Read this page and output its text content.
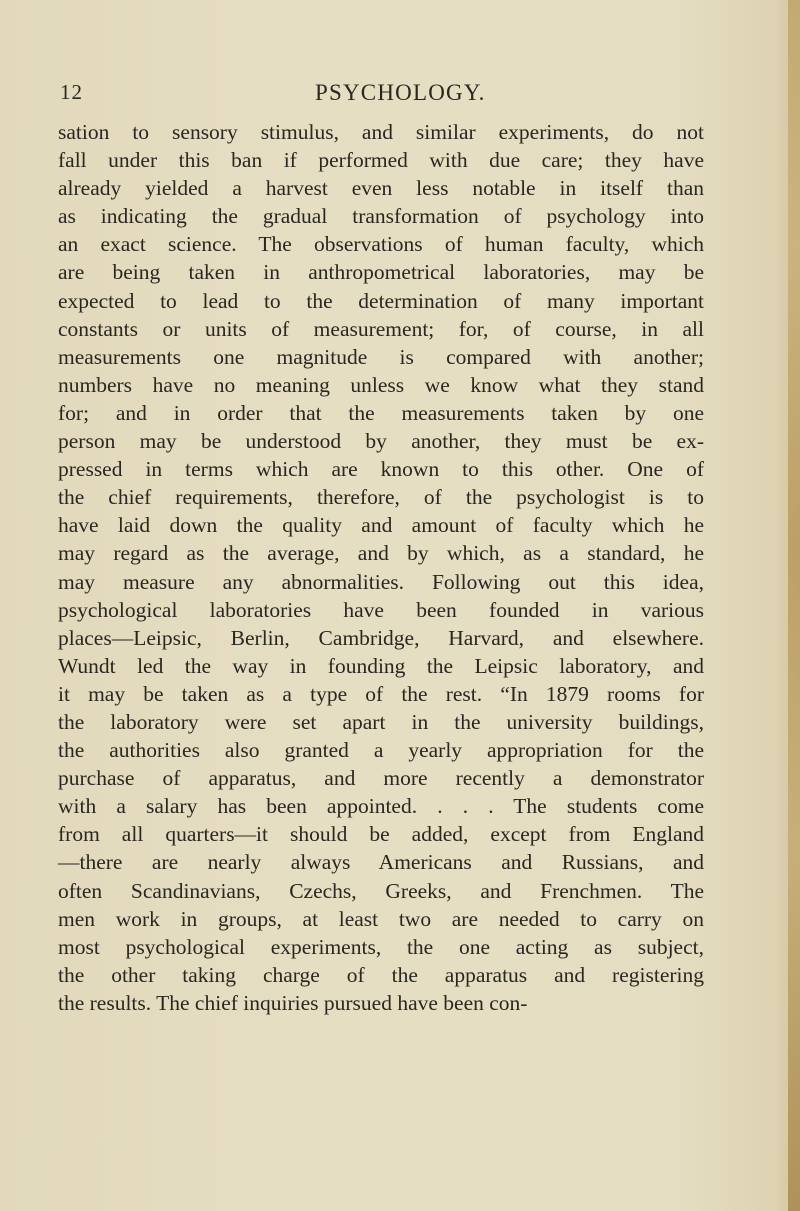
12	PSYCHOLOGY.
sation to sensory stimulus, and similar experiments, do not
fall under this ban if performed with due care; they have
already yielded a harvest even less notable in itself than
as indicating the gradual transformation of psychology into
an exact science. The observations of human faculty, which
are being taken in anthropometrical laboratories, may be
expected to lead to the determination of many important
constants or units of measurement; for, of course, in all
measurements one magnitude is compared with another;
numbers have no meaning unless we know what they stand
for; and in order that the measurements taken by one
person may be understood by another, they must be ex-
pressed in terms which are known to this other. One of
the chief requirements, therefore, of the psychologist is to
have laid down the quality and amount of faculty which he
may regard as the average, and by which, as a standard, he
may measure any abnormalities. Following out this idea,
psychological laboratories have been founded in various
places—Leipsic, Berlin, Cambridge, Harvard, and elsewhere.
Wundt led the way in founding the Leipsic laboratory, and
it may be taken as a type of the rest. “In 1879 rooms for
the laboratory were set apart in the university buildings,
the authorities also granted a yearly appropriation for the
purchase of apparatus, and more recently a demonstrator
with a salary has been appointed. . . . The students come
from all quarters—it should be added, except from England
—there are nearly always Americans and Russians, and
often Scandinavians, Czechs, Greeks, and Frenchmen. The
men work in groups, at least two are needed to carry on
most psychological experiments, the one acting as subject,
the other taking charge of the apparatus and registering
the results. The chief inquiries pursued have been con-
